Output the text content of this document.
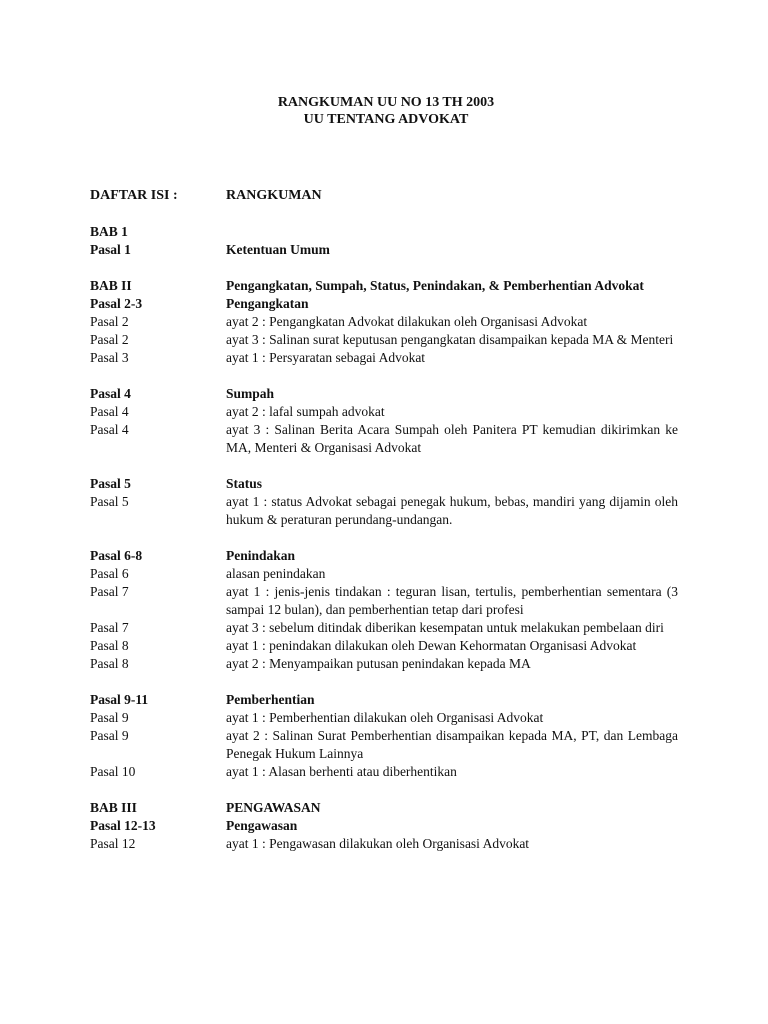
RANGKUMAN UU NO 13 TH 2003
UU TENTANG ADVOKAT
DAFTAR ISI :	RANGKUMAN
BAB 1
Pasal 1	Ketentuan Umum
BAB II	Pengangkatan, Sumpah, Status, Penindakan, & Pemberhentian Advokat
Pasal 2-3	Pengangkatan
Pasal 2	ayat 2 : Pengangkatan Advokat dilakukan oleh Organisasi Advokat
Pasal 2	ayat 3 : Salinan surat keputusan pengangkatan disampaikan kepada MA & Menteri
Pasal 3	ayat 1 : Persyaratan sebagai Advokat
Pasal 4	Sumpah
Pasal 4	ayat 2 : lafal sumpah advokat
Pasal 4	ayat 3 : Salinan Berita Acara Sumpah oleh Panitera PT kemudian dikirimkan ke MA, Menteri & Organisasi Advokat
Pasal 5	Status
Pasal 5	ayat 1 : status Advokat sebagai penegak hukum, bebas, mandiri yang dijamin oleh hukum & peraturan perundang-undangan.
Pasal 6-8	Penindakan
Pasal 6	alasan penindakan
Pasal 7	ayat 1 : jenis-jenis tindakan : teguran lisan, tertulis, pemberhentian sementara (3 sampai 12 bulan), dan pemberhentian tetap dari profesi
Pasal 7	ayat 3 : sebelum ditindak diberikan kesempatan untuk melakukan pembelaan diri
Pasal 8	ayat 1 : penindakan dilakukan oleh Dewan Kehormatan Organisasi Advokat
Pasal 8	ayat 2 : Menyampaikan putusan penindakan kepada MA
Pasal 9-11	Pemberhentian
Pasal 9	ayat 1 : Pemberhentian dilakukan oleh Organisasi Advokat
Pasal 9	ayat 2 : Salinan Surat Pemberhentian disampaikan kepada MA, PT, dan Lembaga Penegak Hukum Lainnya
Pasal 10	ayat 1 : Alasan berhenti atau diberhentikan
BAB III	PENGAWASAN
Pasal 12-13	Pengawasan
Pasal 12	ayat 1 : Pengawasan dilakukan oleh Organisasi Advokat
